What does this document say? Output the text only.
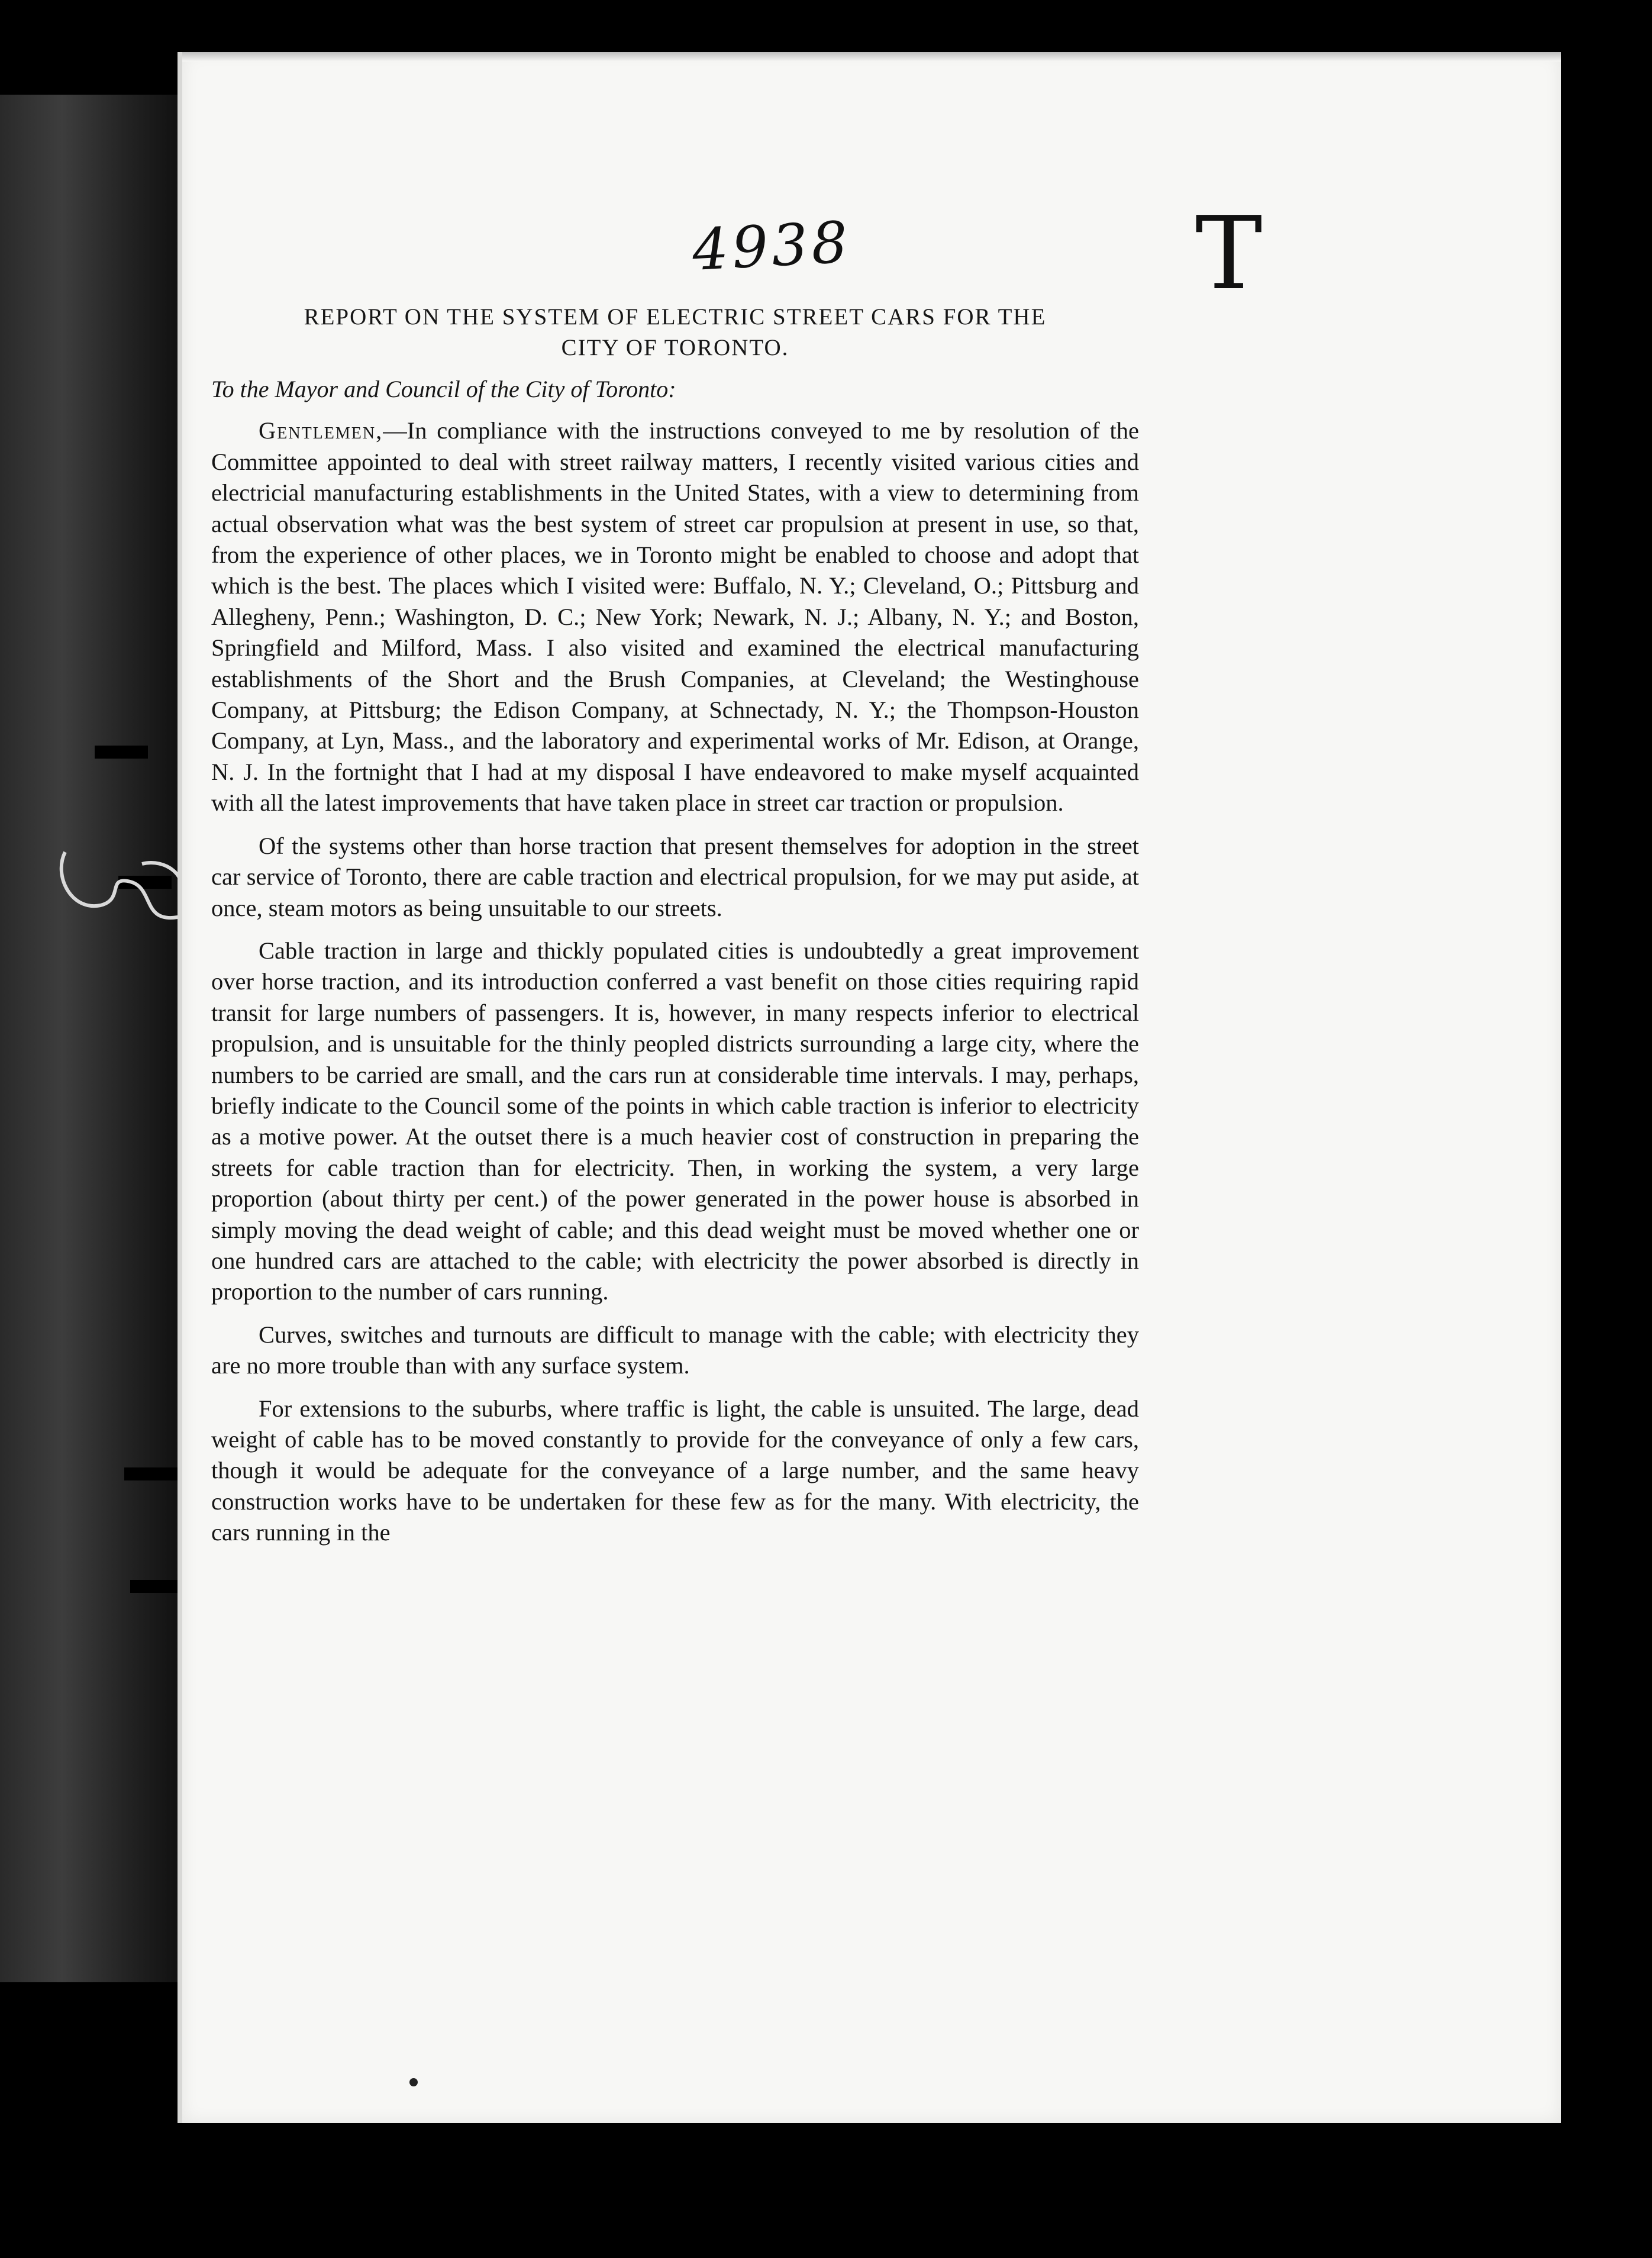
4938	T
REPORT ON THE SYSTEM OF ELECTRIC STREET CARS FOR THE
CITY OF TORONTO.

To the Mayor and Council of the City of Toronto:

Gentlemen,—In compliance with the instructions conveyed to me by resolution of the Committee appointed to deal with street railway matters, I recently visited various cities and electricial manufacturing establishments in the United States, with a view to determining from actual observation what was the best system of street car propulsion at present in use, so that, from the experience of other places, we in Toronto might be enabled to choose and adopt that which is the best. The places which I visited were: Buffalo, N. Y.; Cleveland, O.; Pittsburg and Allegheny, Penn.; Washington, D. C.; New York; Newark, N. J.; Albany, N. Y.; and Boston, Springfield and Milford, Mass. I also visited and examined the electrical manufacturing establishments of the Short and the Brush Companies, at Cleveland; the Westinghouse Company, at Pittsburg; the Edison Company, at Schnectady, N. Y.; the Thompson-Houston Company, at Lyn, Mass., and the laboratory and experimental works of Mr. Edison, at Orange, N. J. In the fortnight that I had at my disposal I have endeavored to make myself acquainted with all the latest improvements that have taken place in street car traction or propulsion.

Of the systems other than horse traction that present themselves for adoption in the street car service of Toronto, there are cable traction and electrical propulsion, for we may put aside, at once, steam motors as being unsuitable to our streets.

Cable traction in large and thickly populated cities is undoubtedly a great improvement over horse traction, and its introduction conferred a vast benefit on those cities requiring rapid transit for large numbers of passengers. It is, however, in many respects inferior to electrical propulsion, and is unsuitable for the thinly peopled districts surrounding a large city, where the numbers to be carried are small, and the cars run at considerable time intervals. I may, perhaps, briefly indicate to the Council some of the points in which cable traction is inferior to electricity as a motive power. At the outset there is a much heavier cost of construction in preparing the streets for cable traction than for electricity. Then, in working the system, a very large proportion (about thirty per cent.) of the power generated in the power house is absorbed in simply moving the dead weight of cable; and this dead weight must be moved whether one or one hundred cars are attached to the cable; with electricity the power absorbed is directly in proportion to the number of cars running.

Curves, switches and turnouts are difficult to manage with the cable; with electricity they are no more trouble than with any surface system.

For extensions to the suburbs, where traffic is light, the cable is unsuited. The large, dead weight of cable has to be moved constantly to provide for the conveyance of only a few cars, though it would be adequate for the conveyance of a large number, and the same heavy construction works have to be undertaken for these few as for the many. With electricity, the cars running in the
